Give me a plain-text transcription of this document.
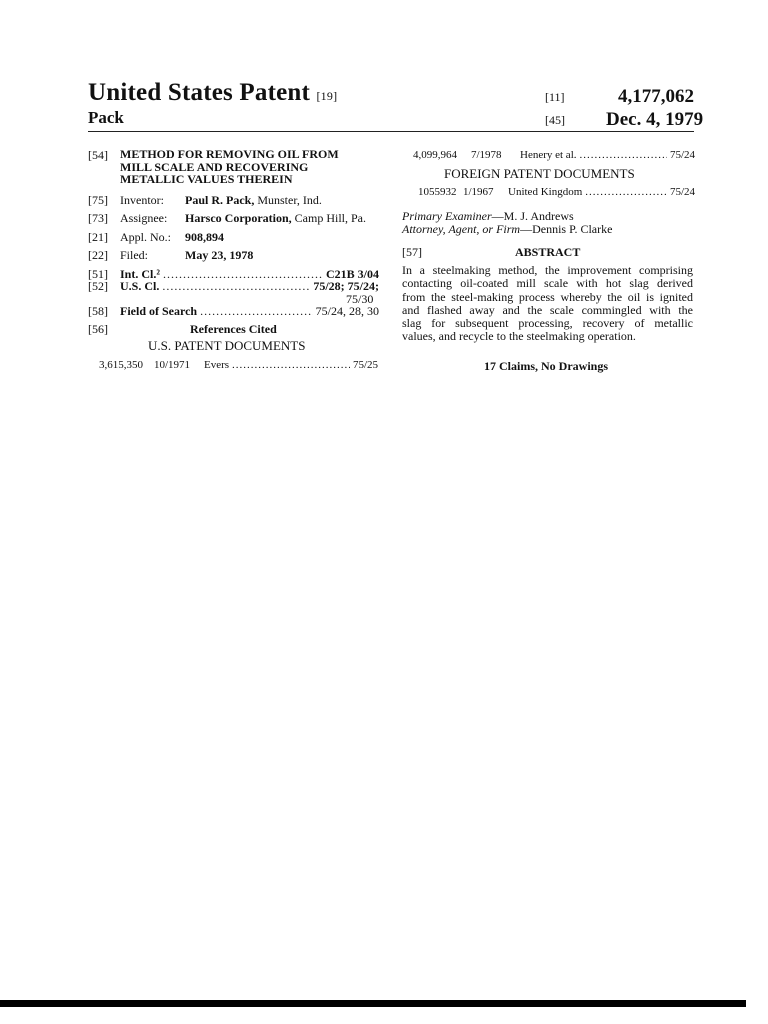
United States Patent [19]
Pack
[11]	4,177,062
[45] Dec. 4, 1979
[54] METHOD FOR REMOVING OIL FROM
MILL SCALE AND RECOVERING
METALLIC VALUES THEREIN
[75] Inventor: Paul R. Pack, Munster, Ind.
[73] Assignee: Harsco Corporation, Camp Hill, Pa.
[21] Appl. No.: 908,894
[22] Filed:	May 23, 1978
[51] Int. Cl.² .....	C21B 3/04
[52] U.S. Cl. .....	75/28; 75/24;
75/30
[58] Field of Search .....	75/24, 28, 30
[56]	References Cited
U.S. PATENT DOCUMENTS
3,615,350 10/1971 Evers .....	75/25
4,099,964 7/1978 Henery et al. .....	75/24
FOREIGN PATENT DOCUMENTS
1055932 1/1967 United Kingdom .....	75/24
Primary Examiner—M. J. Andrews
Attorney, Agent, or Firm—Dennis P. Clarke
[57]	ABSTRACT
In a steelmaking method, the improvement comprising
contacting oil-coated mill scale with hot slag derived
from the steel-making process whereby the oil is ignited
and flashed away and the scale commingled with the
slag for subsequent processing, recovery of metallic
values, and recycle to the steelmaking operation.
17 Claims, No Drawings
